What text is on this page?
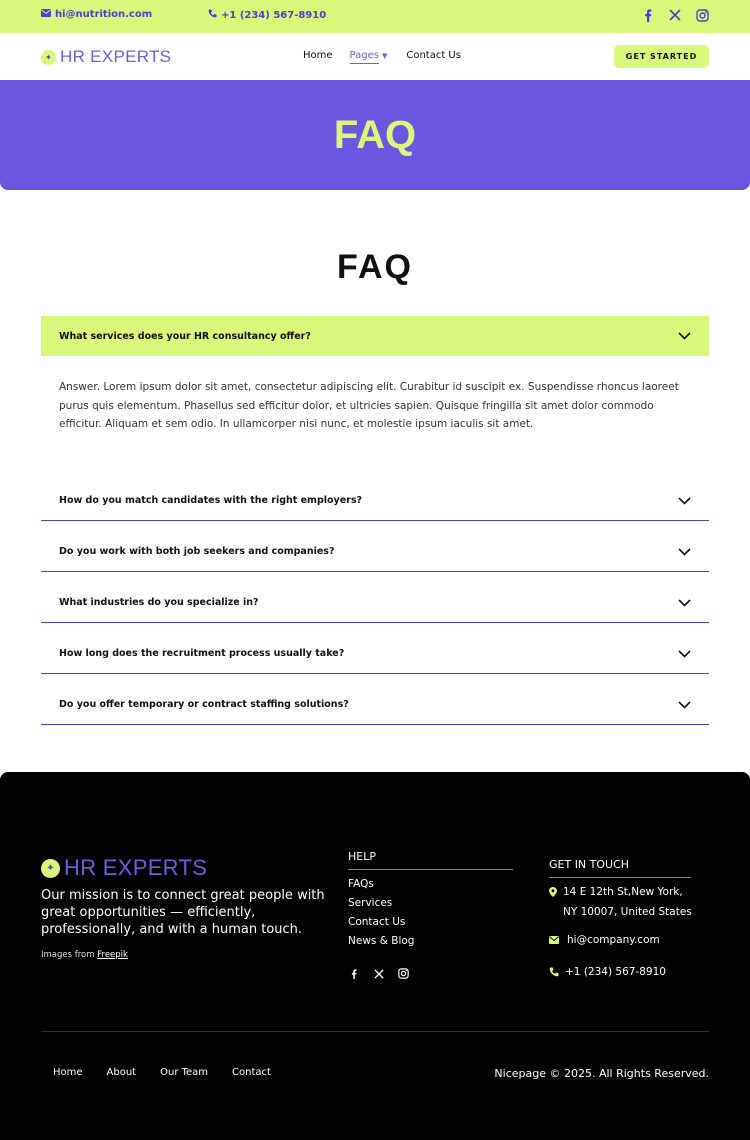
hi@nutrition.com	+1 (234) 567-8910
✦ HR EXPERTS	Home Pages ▼ Contact Us	GET STARTED
FAQ
FAQ
What services does your HR consultancy offer?
Answer. Lorem ipsum dolor sit amet, consectetur adipiscing elit. Curabitur id suscipit ex. Suspendisse rhoncus laoreet purus quis elementum. Phasellus sed efficitur dolor, et ultricies sapien. Quisque fringilla sit amet dolor commodo efficitur. Aliquam et sem odio. In ullamcorper nisi nunc, et molestie ipsum iaculis sit amet.
How do you match candidates with the right employers?
Do you work with both job seekers and companies?
What industries do you specialize in?
How long does the recruitment process usually take?
Do you offer temporary or contract staffing solutions?
✦ HR EXPERTS

Our mission is to connect great people with great opportunities — efficiently, professionally, and with a human touch.

Images from Freepik
HELP
FAQs
Services
Contact Us
News & Blog
GET IN TOUCH
14 E 12th St,New York, NY 10007, United States
hi@company.com
+1 (234) 567-8910
Home About Our Team Contact	Nicepage © 2025. All Rights Reserved.
